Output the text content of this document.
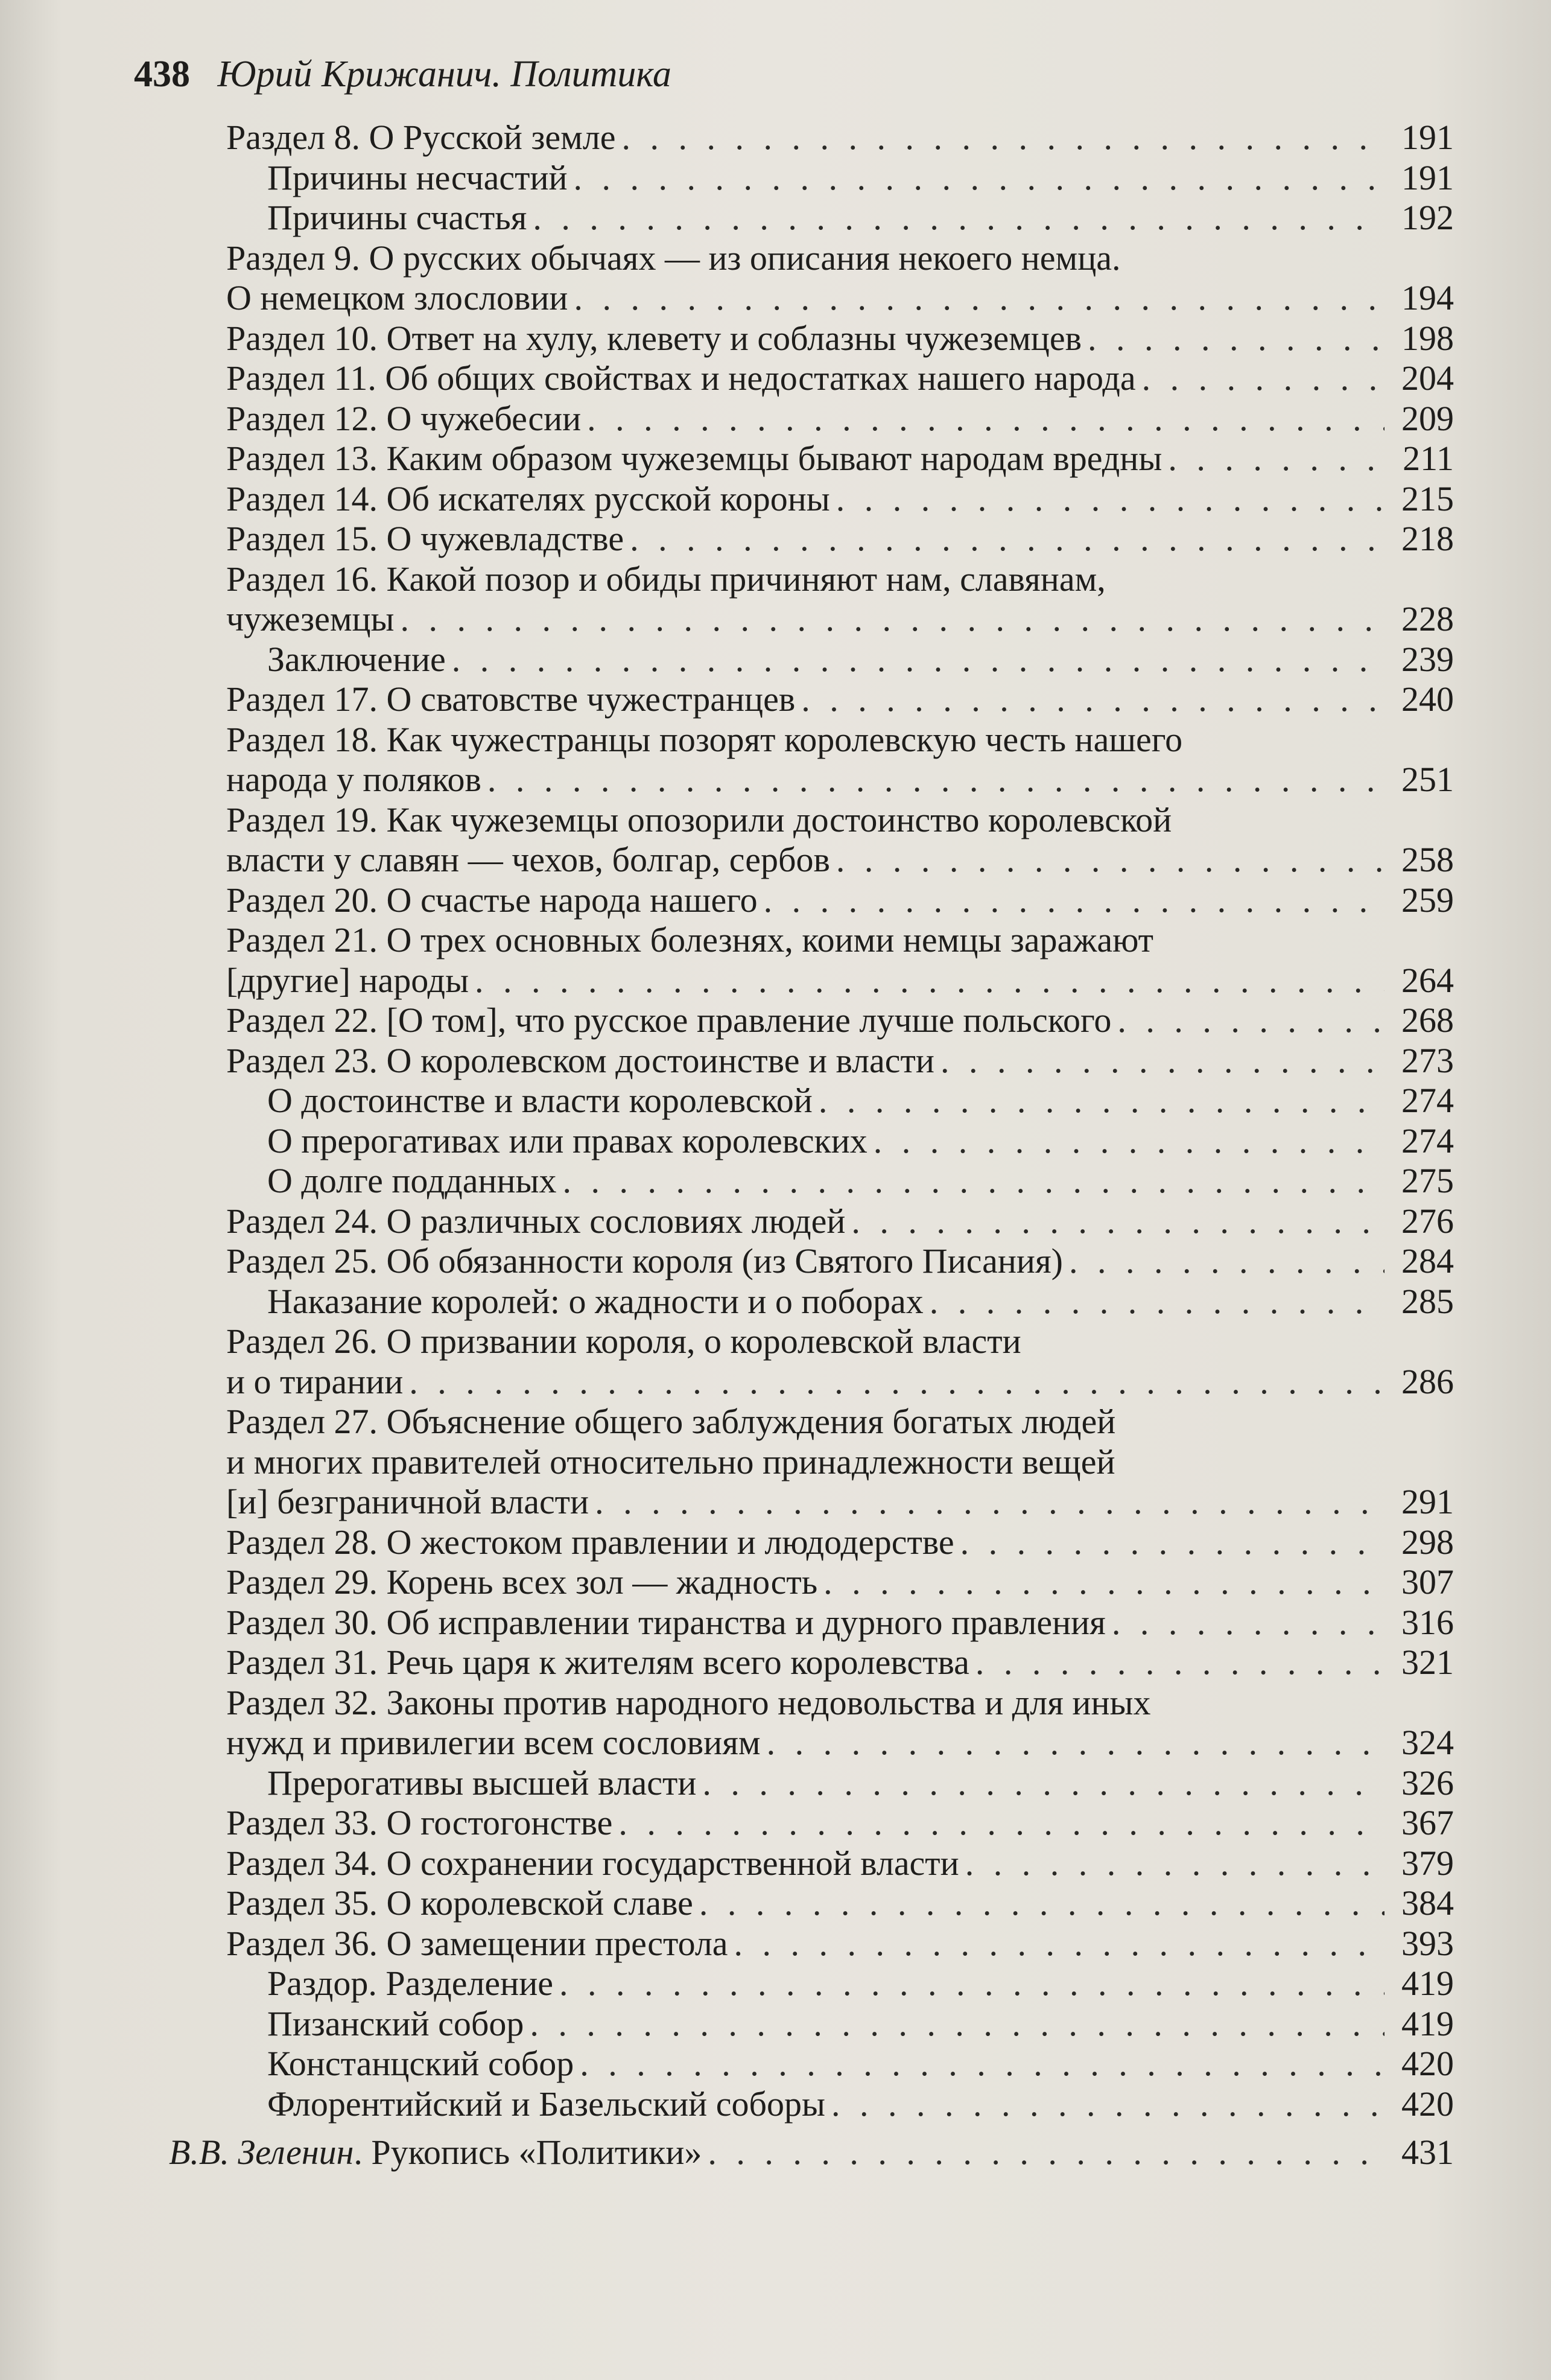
438 Юрий Крижанич. Политика
Раздел 8. О Русской земле . . .	191
Причины несчастий . . .	191
Причины счастья . . .	192
Раздел 9. О русских обычаях — из описания некоего немца.
О немецком злословии . . .	194
Раздел 10. Ответ на хулу, клевету и соблазны чужеземцев . . .	198
Раздел 11. Об общих свойствах и недостатках нашего народа . . .	204
Раздел 12. О чужебесии . . .	209
Раздел 13. Каким образом чужеземцы бывают народам вредны . . .	211
Раздел 14. Об искателях русской короны . . .	215
Раздел 15. О чужевладстве . . .	218
Раздел 16. Какой позор и обиды причиняют нам, славянам,
чужеземцы . . .	228
Заключение . . .	239
Раздел 17. О сватовстве чужестранцев . . .	240
Раздел 18. Как чужестранцы позорят королевскую честь нашего
народа у поляков . . .	251
Раздел 19. Как чужеземцы опозорили достоинство королевской
власти у славян — чехов, болгар, сербов . . .	258
Раздел 20. О счастье народа нашего . . .	259
Раздел 21. О трех основных болезнях, коими немцы заражают
[другие] народы . . .	264
Раздел 22. [О том], что русское правление лучше польского . . .	268
Раздел 23. О королевском достоинстве и власти . . .	273
О достоинстве и власти королевской . . .	274
О прерогативах или правах королевских . . .	274
О долге подданных . . .	275
Раздел 24. О различных сословиях людей . . .	276
Раздел 25. Об обязанности короля (из Святого Писания) . . .	284
Наказание королей: о жадности и о поборах . . .	285
Раздел 26. О призвании короля, о королевской власти
и о тирании . . .	286
Раздел 27. Объяснение общего заблуждения богатых людей
и многих правителей относительно принадлежности вещей
[и] безграничной власти . . .	291
Раздел 28. О жестоком правлении и людодерстве . . .	298
Раздел 29. Корень всех зол — жадность . . .	307
Раздел 30. Об исправлении тиранства и дурного правления . . .	316
Раздел 31. Речь царя к жителям всего королевства . . .	321
Раздел 32. Законы против народного недовольства и для иных
нужд и привилегии всем сословиям . . .	324
Прерогативы высшей власти . . .	326
Раздел 33. О гостогонстве . . .	367
Раздел 34. О сохранении государственной власти . . .	379
Раздел 35. О королевской славе . . .	384
Раздел 36. О замещении престола . . .	393
Раздор. Разделение . . .	419
Пизанский собор . . .	419
Констанцский собор . . .	420
Флорентийский и Базельский соборы . . .	420
В.В. Зеленин. Рукопись «Политики» . . .	431
